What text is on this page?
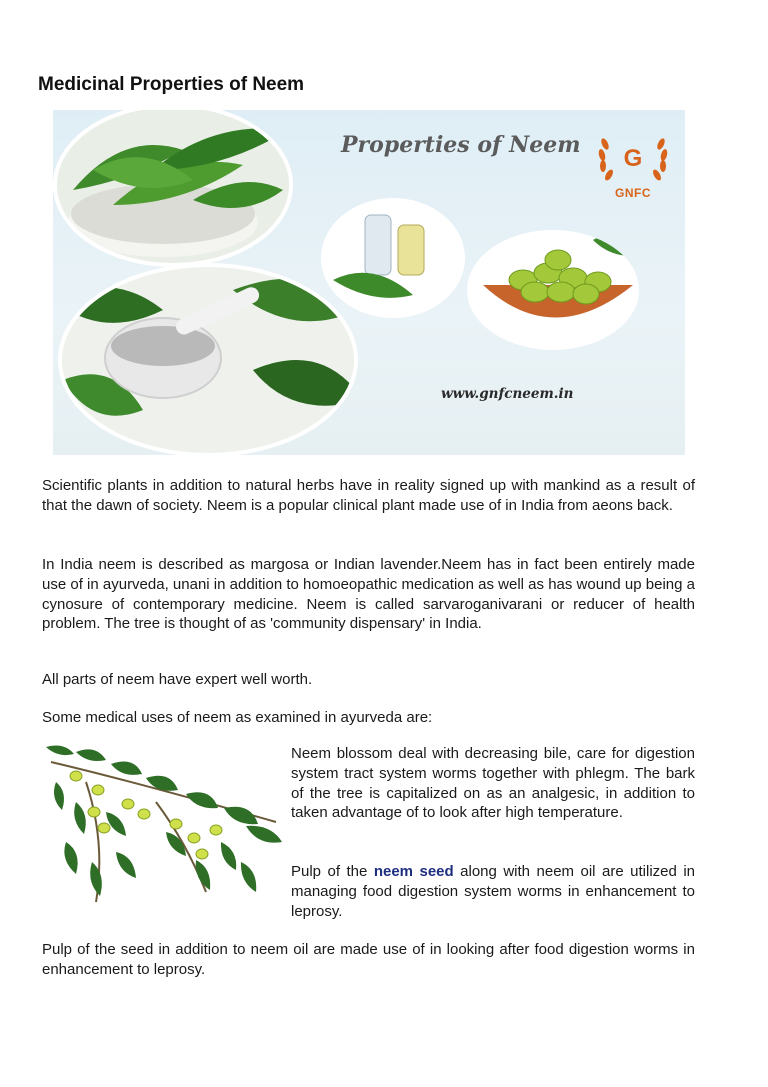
Medicinal Properties of Neem
Properties of Neem G
GNFC
www.gnfcneem.in

Scientific plants in addition to natural herbs have in reality signed up with mankind as a result of that the dawn of society. Neem is a popular clinical plant made use of in India from aeons back.

In India neem is described as margosa or Indian lavender.Neem has in fact been entirely made use of in ayurveda, unani in addition to homoeopathic medication as well as has wound up being a cynosure of contemporary medicine. Neem is called sarvaroganivarani or reducer of health problem. The tree is thought of as 'community dispensary' in India.

All parts of neem have expert well worth.

Some medical uses of neem as examined in ayurveda are:

Neem blossom deal with decreasing bile, care for digestion system tract system worms together with phlegm. The bark of the tree is capitalized on as an analgesic, in addition to taken advantage of to look after high temperature.

Pulp of the neem seed along with neem oil are utilized in managing food digestion system worms in enhancement to leprosy.

Pulp of the seed in addition to neem oil are made use of in looking after food digestion worms in enhancement to leprosy.
